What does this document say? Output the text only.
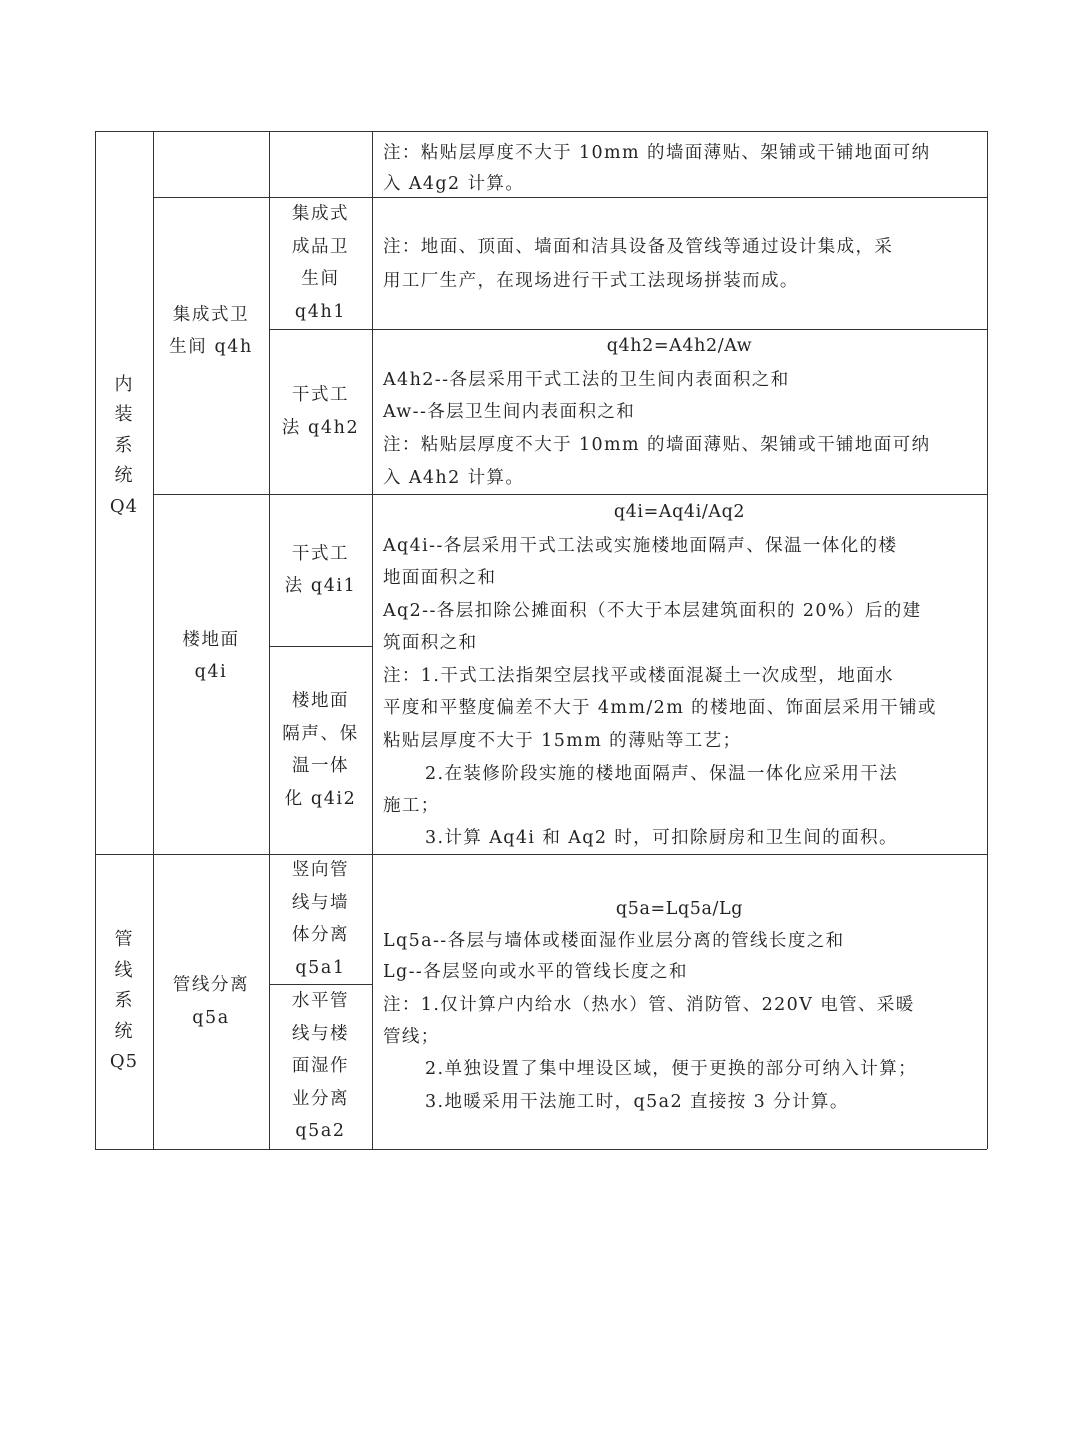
内
装
系
统
Q4
注：粘贴层厚度不大于 10mm 的墙面薄贴、架铺或干铺地面可纳
入 A4g2 计算。
集成式卫
生间 q4h
集成式
成品卫
生间
q4h1
注：地面、顶面、墙面和洁具设备及管线等通过设计集成，采
用工厂生产，在现场进行干式工法现场拼装而成。
干式工
法 q4h2
q4h2=A4h2/Aw
A4h2--各层采用干式工法的卫生间内表面积之和
Aw--各层卫生间内表面积之和
注：粘贴层厚度不大于 10mm 的墙面薄贴、架铺或干铺地面可纳
入 A4h2 计算。
楼地面
q4i
干式工
法 q4i1
楼地面
隔声、保
温一体
化 q4i2
q4i=Aq4i/Aq2
Aq4i--各层采用干式工法或实施楼地面隔声、保温一体化的楼
地面面积之和
Aq2--各层扣除公摊面积（不大于本层建筑面积的 20%）后的建
筑面积之和
注：1.干式工法指架空层找平或楼面混凝土一次成型，地面水
平度和平整度偏差不大于 4mm/2m 的楼地面、饰面层采用干铺或
粘贴层厚度不大于 15mm 的薄贴等工艺；
2.在装修阶段实施的楼地面隔声、保温一体化应采用干法
施工；
3.计算 Aq4i 和 Aq2 时，可扣除厨房和卫生间的面积。
管
线
系
统
Q5
管线分离
q5a
竖向管
线与墙
体分离
q5a1
水平管
线与楼
面湿作
业分离
q5a2
q5a=Lq5a/Lg
Lq5a--各层与墙体或楼面湿作业层分离的管线长度之和
Lg--各层竖向或水平的管线长度之和
注：1.仅计算户内给水（热水）管、消防管、220V 电管、采暖
管线；
2.单独设置了集中埋设区域，便于更换的部分可纳入计算；
3.地暖采用干法施工时，q5a2 直接按 3 分计算。
